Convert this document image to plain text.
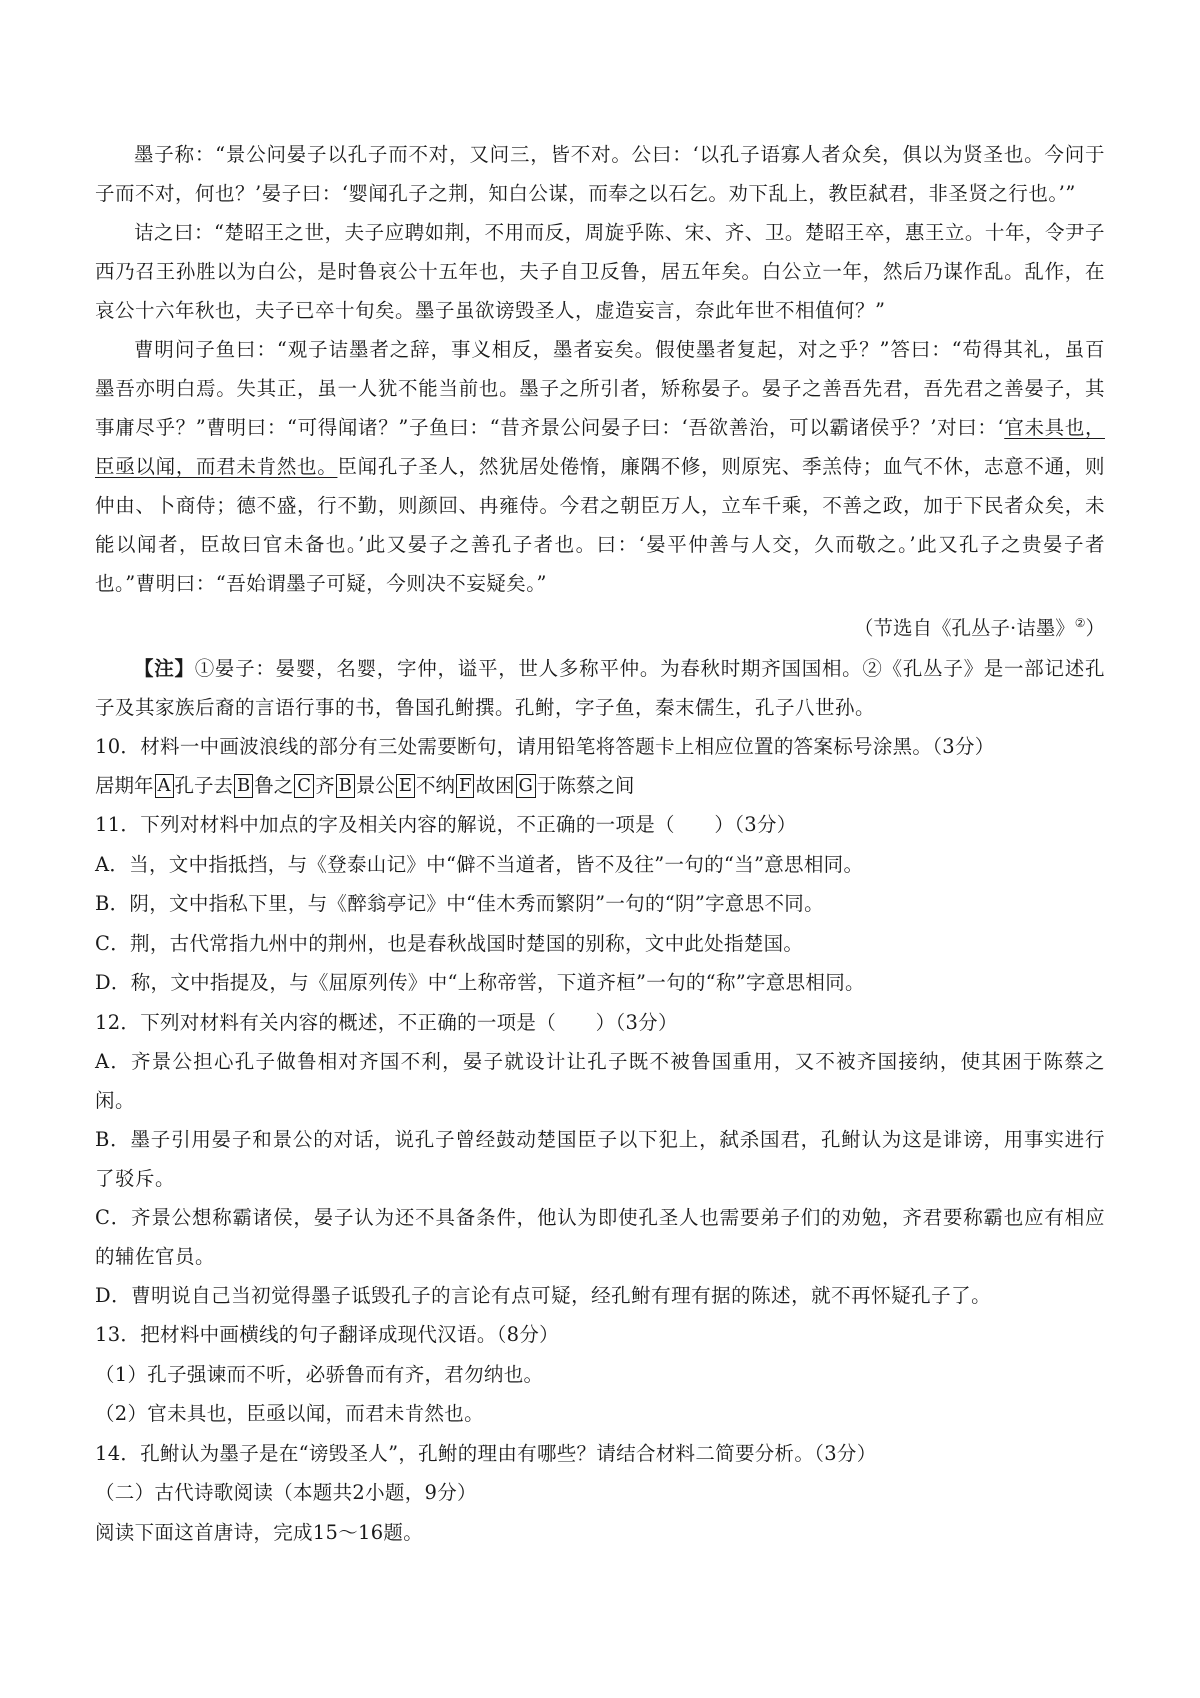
墨子称：“景公问晏子以孔子而不对，又问三，皆不对。公曰：‘以孔子语寡人者众矣，俱以为贤圣也。今问于子而不对，何也？’晏子曰：‘婴闻孔子之荆，知白公谋，而奉之以石乞。劝下乱上，教臣弑君，非圣贤之行也。’”

诘之曰：“楚昭王之世，夫子应聘如荆，不用而反，周旋乎陈、宋、齐、卫。楚昭王卒，惠王立。十年，令尹子西乃召王孙胜以为白公，是时鲁哀公十五年也，夫子自卫反鲁，居五年矣。白公立一年，然后乃谋作乱。乱作，在哀公十六年秋也，夫子已卒十旬矣。墨子虽欲谤毁圣人，虚造妄言，奈此年世不相值何？”

曹明问子鱼曰：“观子诘墨者之辞，事义相反，墨者妄矣。假使墨者复起，对之乎？”答曰：“苟得其礼，虽百墨吾亦明白焉。失其正，虽一人犹不能当前也。墨子之所引者，矫称晏子。晏子之善吾先君，吾先君之善晏子，其事庸尽乎？”曹明曰：“可得闻诸？”子鱼曰：“昔齐景公问晏子曰：‘吾欲善治，可以霸诸侯乎？’对曰：‘官未具也，臣亟以闻，而君未肯然也。臣闻孔子圣人，然犹居处倦惰，廉隅不修，则原宪、季羔侍；血气不休，志意不通，则仲由、卜商侍；德不盛，行不勤，则颜回、冉雍侍。今君之朝臣万人，立车千乘，不善之政，加于下民者众矣，未能以闻者，臣故曰官未备也。’此又晏子之善孔子者也。曰：‘晏平仲善与人交，久而敬之。’此又孔子之贵晏子者也。”曹明曰：“吾始谓墨子可疑，今则决不妄疑矣。”

（节选自《孔丛子·诘墨》②）

【注】①晏子：晏婴，名婴，字仲，谥平，世人多称平仲。为春秋时期齐国国相。②《孔丛子》是一部记述孔子及其家族后裔的言语行事的书，鲁国孔鲋撰。孔鲋，字子鱼，秦末儒生，孔子八世孙。

10．材料一中画波浪线的部分有三处需要断句，请用铅笔将答题卡上相应位置的答案标号涂黑。（3分）

居期年 A 孔子去 B 鲁之 C 齐 B 景公 E 不纳 F 故困 G 于陈蔡之间

11．下列对材料中加点的字及相关内容的解说，不正确的一项是（　　）（3分）

A．当，文中指抵挡，与《登泰山记》中“僻不当道者，皆不及往”一句的“当”意思相同。

B．阴，文中指私下里，与《醉翁亭记》中“佳木秀而繁阴”一句的“阴”字意思不同。

C．荆，古代常指九州中的荆州，也是春秋战国时楚国的别称，文中此处指楚国。

D．称，文中指提及，与《屈原列传》中“上称帝喾，下道齐桓”一句的“称”字意思相同。

12．下列对材料有关内容的概述，不正确的一项是（　　）（3分）

A．齐景公担心孔子做鲁相对齐国不利，晏子就设计让孔子既不被鲁国重用，又不被齐国接纳，使其困于陈蔡之闲。

B．墨子引用晏子和景公的对话，说孔子曾经鼓动楚国臣子以下犯上，弑杀国君，孔鲋认为这是诽谤，用事实进行了驳斥。

C．齐景公想称霸诸侯，晏子认为还不具备条件，他认为即使孔圣人也需要弟子们的劝勉，齐君要称霸也应有相应的辅佐官员。

D．曹明说自己当初觉得墨子诋毁孔子的言论有点可疑，经孔鲋有理有据的陈述，就不再怀疑孔子了。

13．把材料中画横线的句子翻译成现代汉语。（8分）

（1）孔子强谏而不听，必骄鲁而有齐，君勿纳也。

（2）官未具也，臣亟以闻，而君未肯然也。

14．孔鲋认为墨子是在“谤毁圣人”，孔鲋的理由有哪些？请结合材料二简要分析。（3分）

（二）古代诗歌阅读（本题共2小题，9分）

阅读下面这首唐诗，完成15～16题。
